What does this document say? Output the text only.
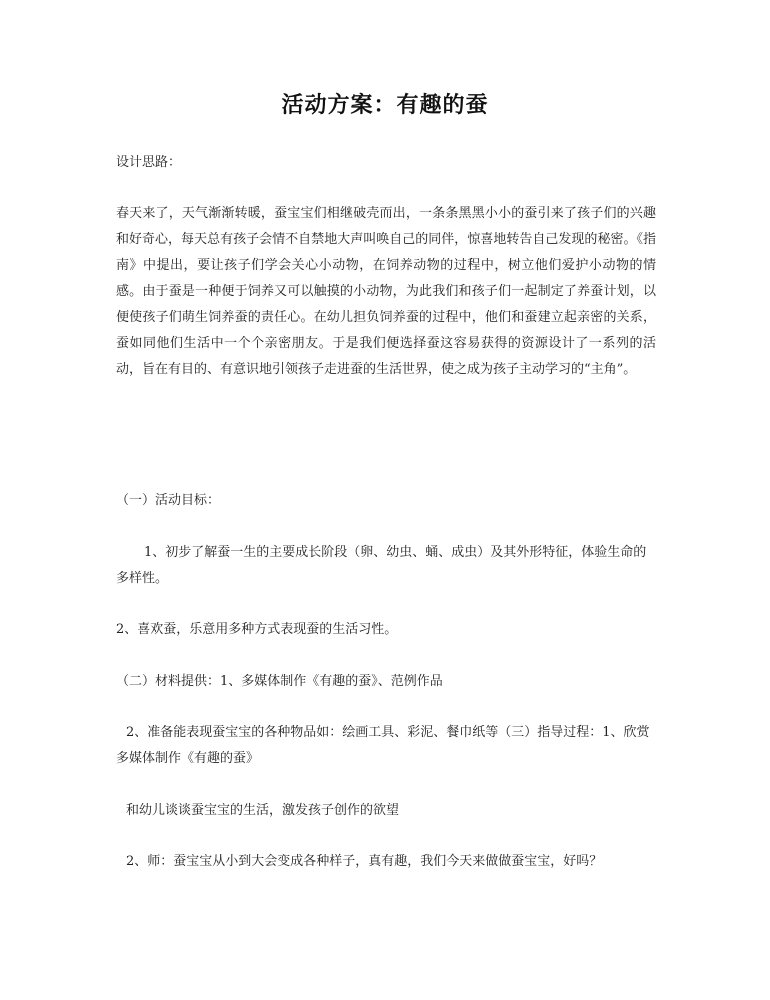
活动方案：有趣的蚕
设计思路：
春天来了，天气渐渐转暖，蚕宝宝们相继破壳而出，一条条黑黑小小的蚕引来了孩子们的兴趣和好奇心，每天总有孩子会情不自禁地大声叫唤自己的同伴，惊喜地转告自己发现的秘密。《指南》中提出，要让孩子们学会关心小动物，在饲养动物的过程中，树立他们爱护小动物的情感。由于蚕是一种便于饲养又可以触摸的小动物，为此我们和孩子们一起制定了养蚕计划，以便使孩子们萌生饲养蚕的责任心。在幼儿担负饲养蚕的过程中，他们和蚕建立起亲密的关系，蚕如同他们生活中一个个亲密朋友。于是我们便选择蚕这容易获得的资源设计了一系列的活动，旨在有目的、有意识地引领孩子走进蚕的生活世界，使之成为孩子主动学习的“主角”。
（一）活动目标：
1、初步了解蚕一生的主要成长阶段（卵、幼虫、蛹、成虫）及其外形特征，体验生命的多样性。
2、喜欢蚕，乐意用多种方式表现蚕的生活习性。
（二）材料提供：1、多媒体制作《有趣的蚕》、范例作品
2、准备能表现蚕宝宝的各种物品如：绘画工具、彩泥、餐巾纸等（三）指导过程：1、欣赏多媒体制作《有趣的蚕》
和幼儿谈谈蚕宝宝的生活，激发孩子创作的欲望
2、师：蚕宝宝从小到大会变成各种样子，真有趣，我们今天来做做蚕宝宝，好吗？
